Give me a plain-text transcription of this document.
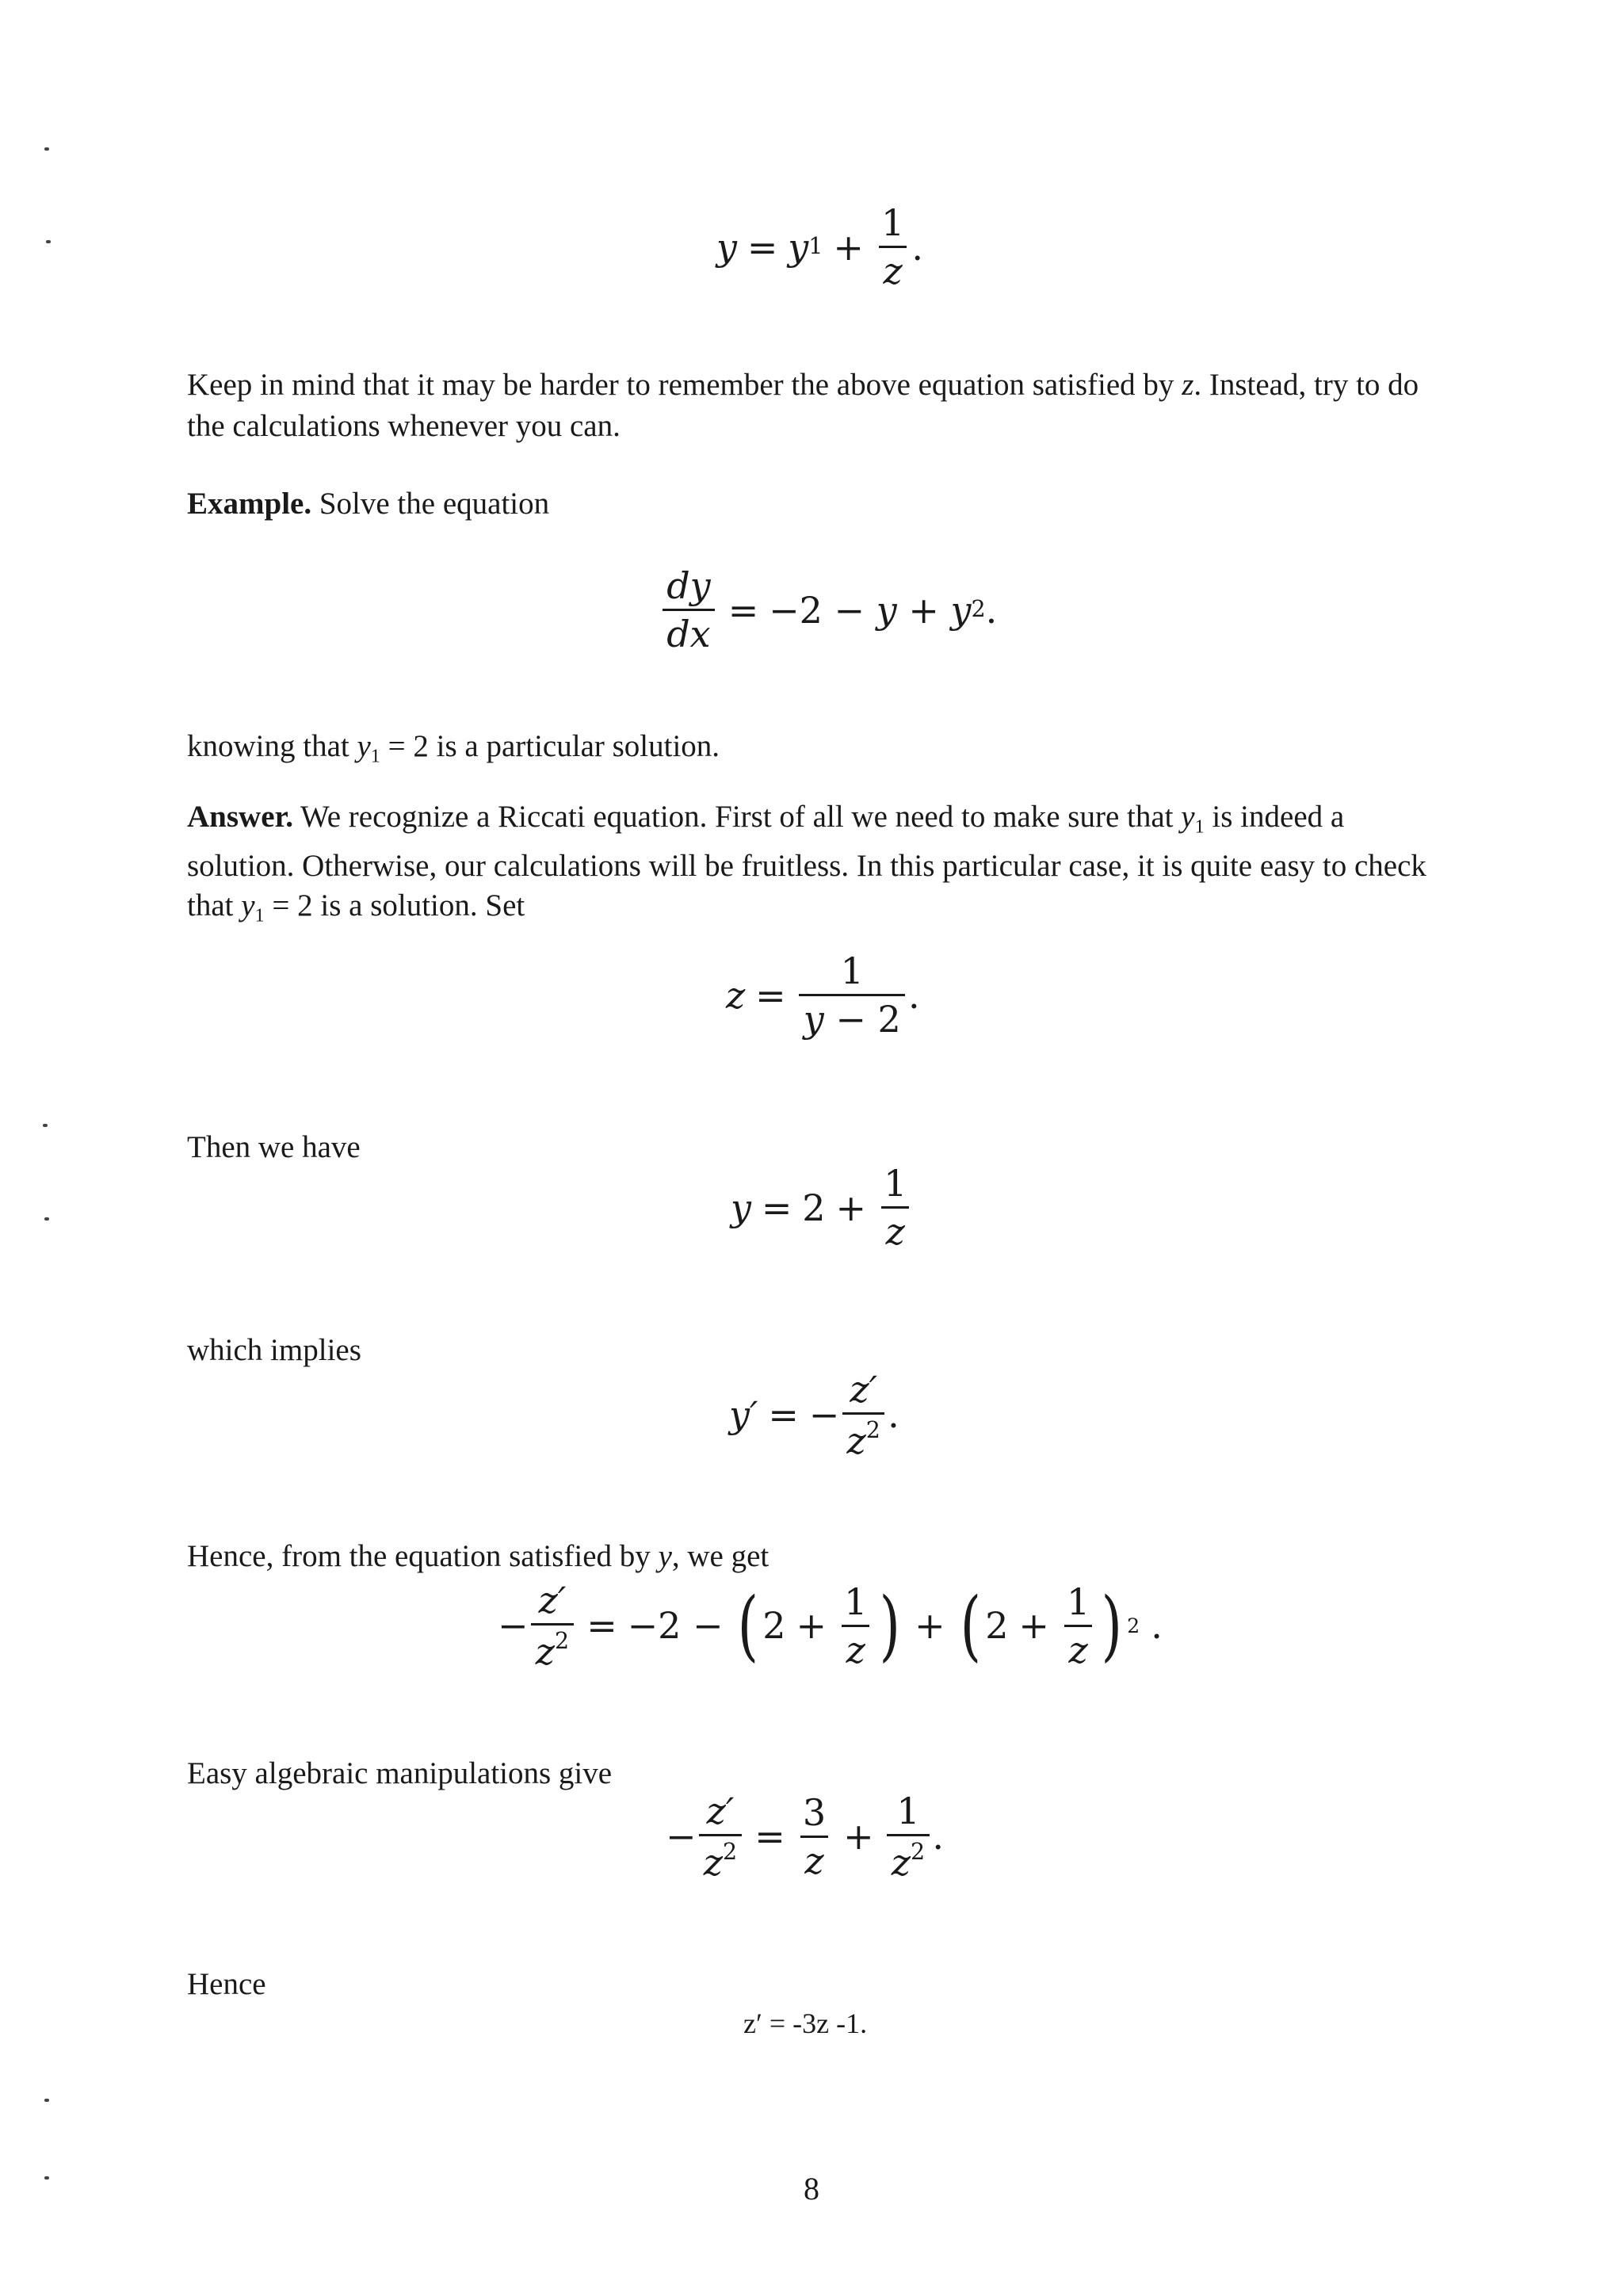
y = y $1 + \frac{1}{z}$ .

Keep in mind that it may be harder to remember the above equation satisfied by z. Instead, try to do the calculations whenever you can.

Example. Solve the equation

$\frac{dy}{dx} = -2 - y + y$ 2 .

knowing that $y_1 = 2$ is a particular solution.

Answer. We recognize a Riccati equation. First of all we need to make sure that $y_1$ is indeed a solution. Otherwise, our calculations will be fruitless. In this particular case, it is quite easy to check that $y_1 = 2$ is a solution. Set

$z = \frac{1}{y - 2}$ .

Then we have

$y = 2 + \frac{1}{z}$

which implies

y′ = − $\frac{z'}{z^2}$ .

Hence, from the equation satisfied by y, we get

− $\frac{z'}{z^2} = -2$ − ( $2 + \frac{1}{z}$ ) + ( $2 + \frac{1}{z}$ ) 2 .

Easy algebraic manipulations give

− $\frac{z'}{z^2} = \frac{3}{z} + \frac{1}{z^2}$ .

Hence

z′ = -3z -1.
8
